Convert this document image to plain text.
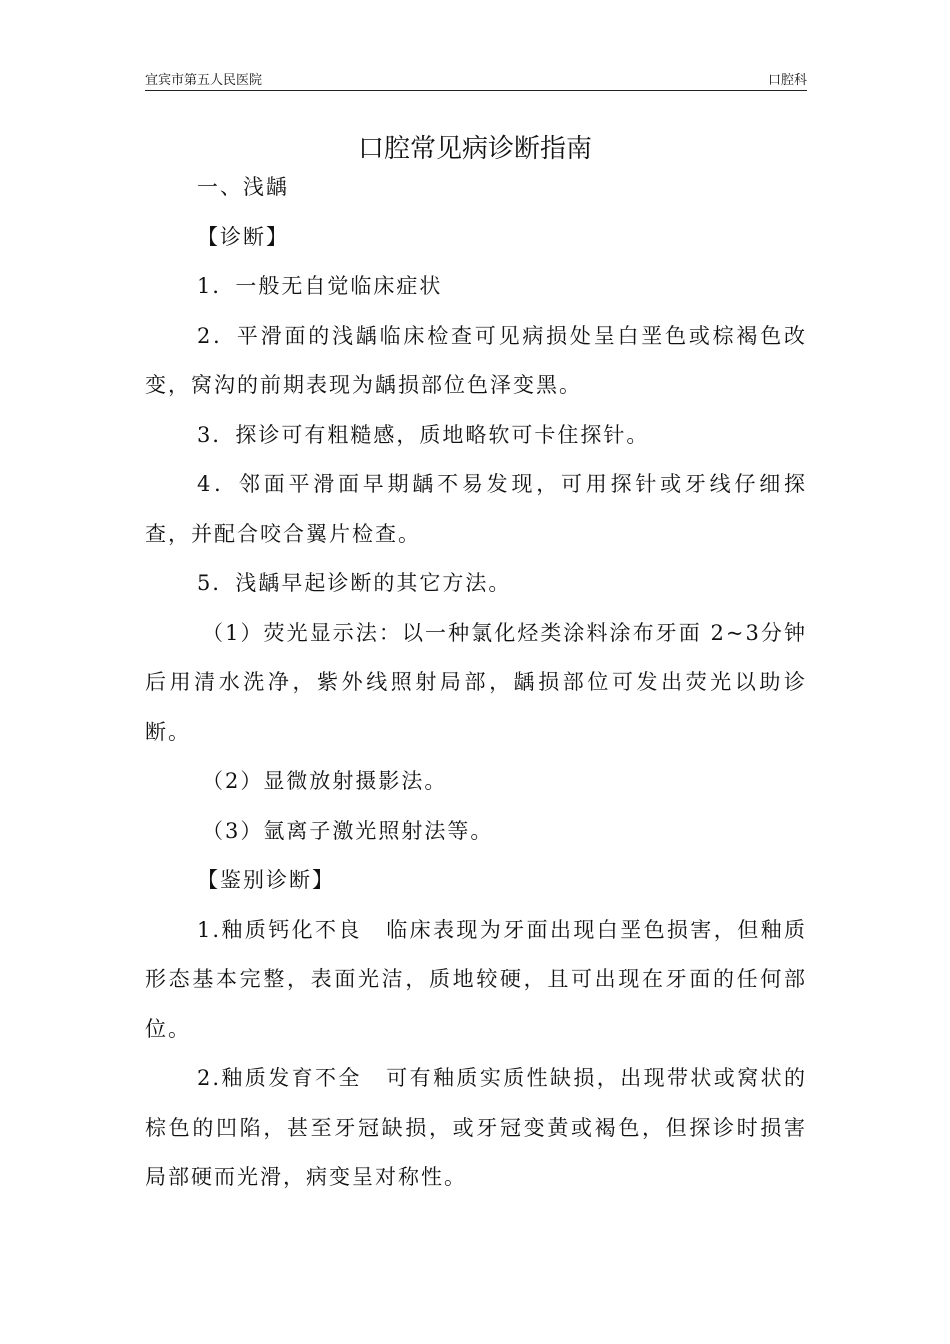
宜宾市第五人民医院	口腔科
口腔常见病诊断指南

一、浅龋

【诊断】

1．一般无自觉临床症状

2．平滑面的浅龋临床检查可见病损处呈白垩色或棕褐色改变，窝沟的前期表现为龋损部位色泽变黑。

3．探诊可有粗糙感，质地略软可卡住探针。

4．邻面平滑面早期龋不易发现，可用探针或牙线仔细探查，并配合咬合翼片检查。

5．浅龋早起诊断的其它方法。

（1）荧光显示法：以一种氯化烃类涂料涂布牙面 2~3分钟后用清水洗净，紫外线照射局部，龋损部位可发出荧光以助诊断。

（2）显微放射摄影法。

（3）氩离子激光照射法等。

【鉴别诊断】

1.釉质钙化不良 临床表现为牙面出现白垩色损害，但釉质形态基本完整，表面光洁，质地较硬，且可出现在牙面的任何部位。

2.釉质发育不全 可有釉质实质性缺损，出现带状或窝状的棕色的凹陷，甚至牙冠缺损，或牙冠变黄或褐色，但探诊时损害局部硬而光滑，病变呈对称性。
